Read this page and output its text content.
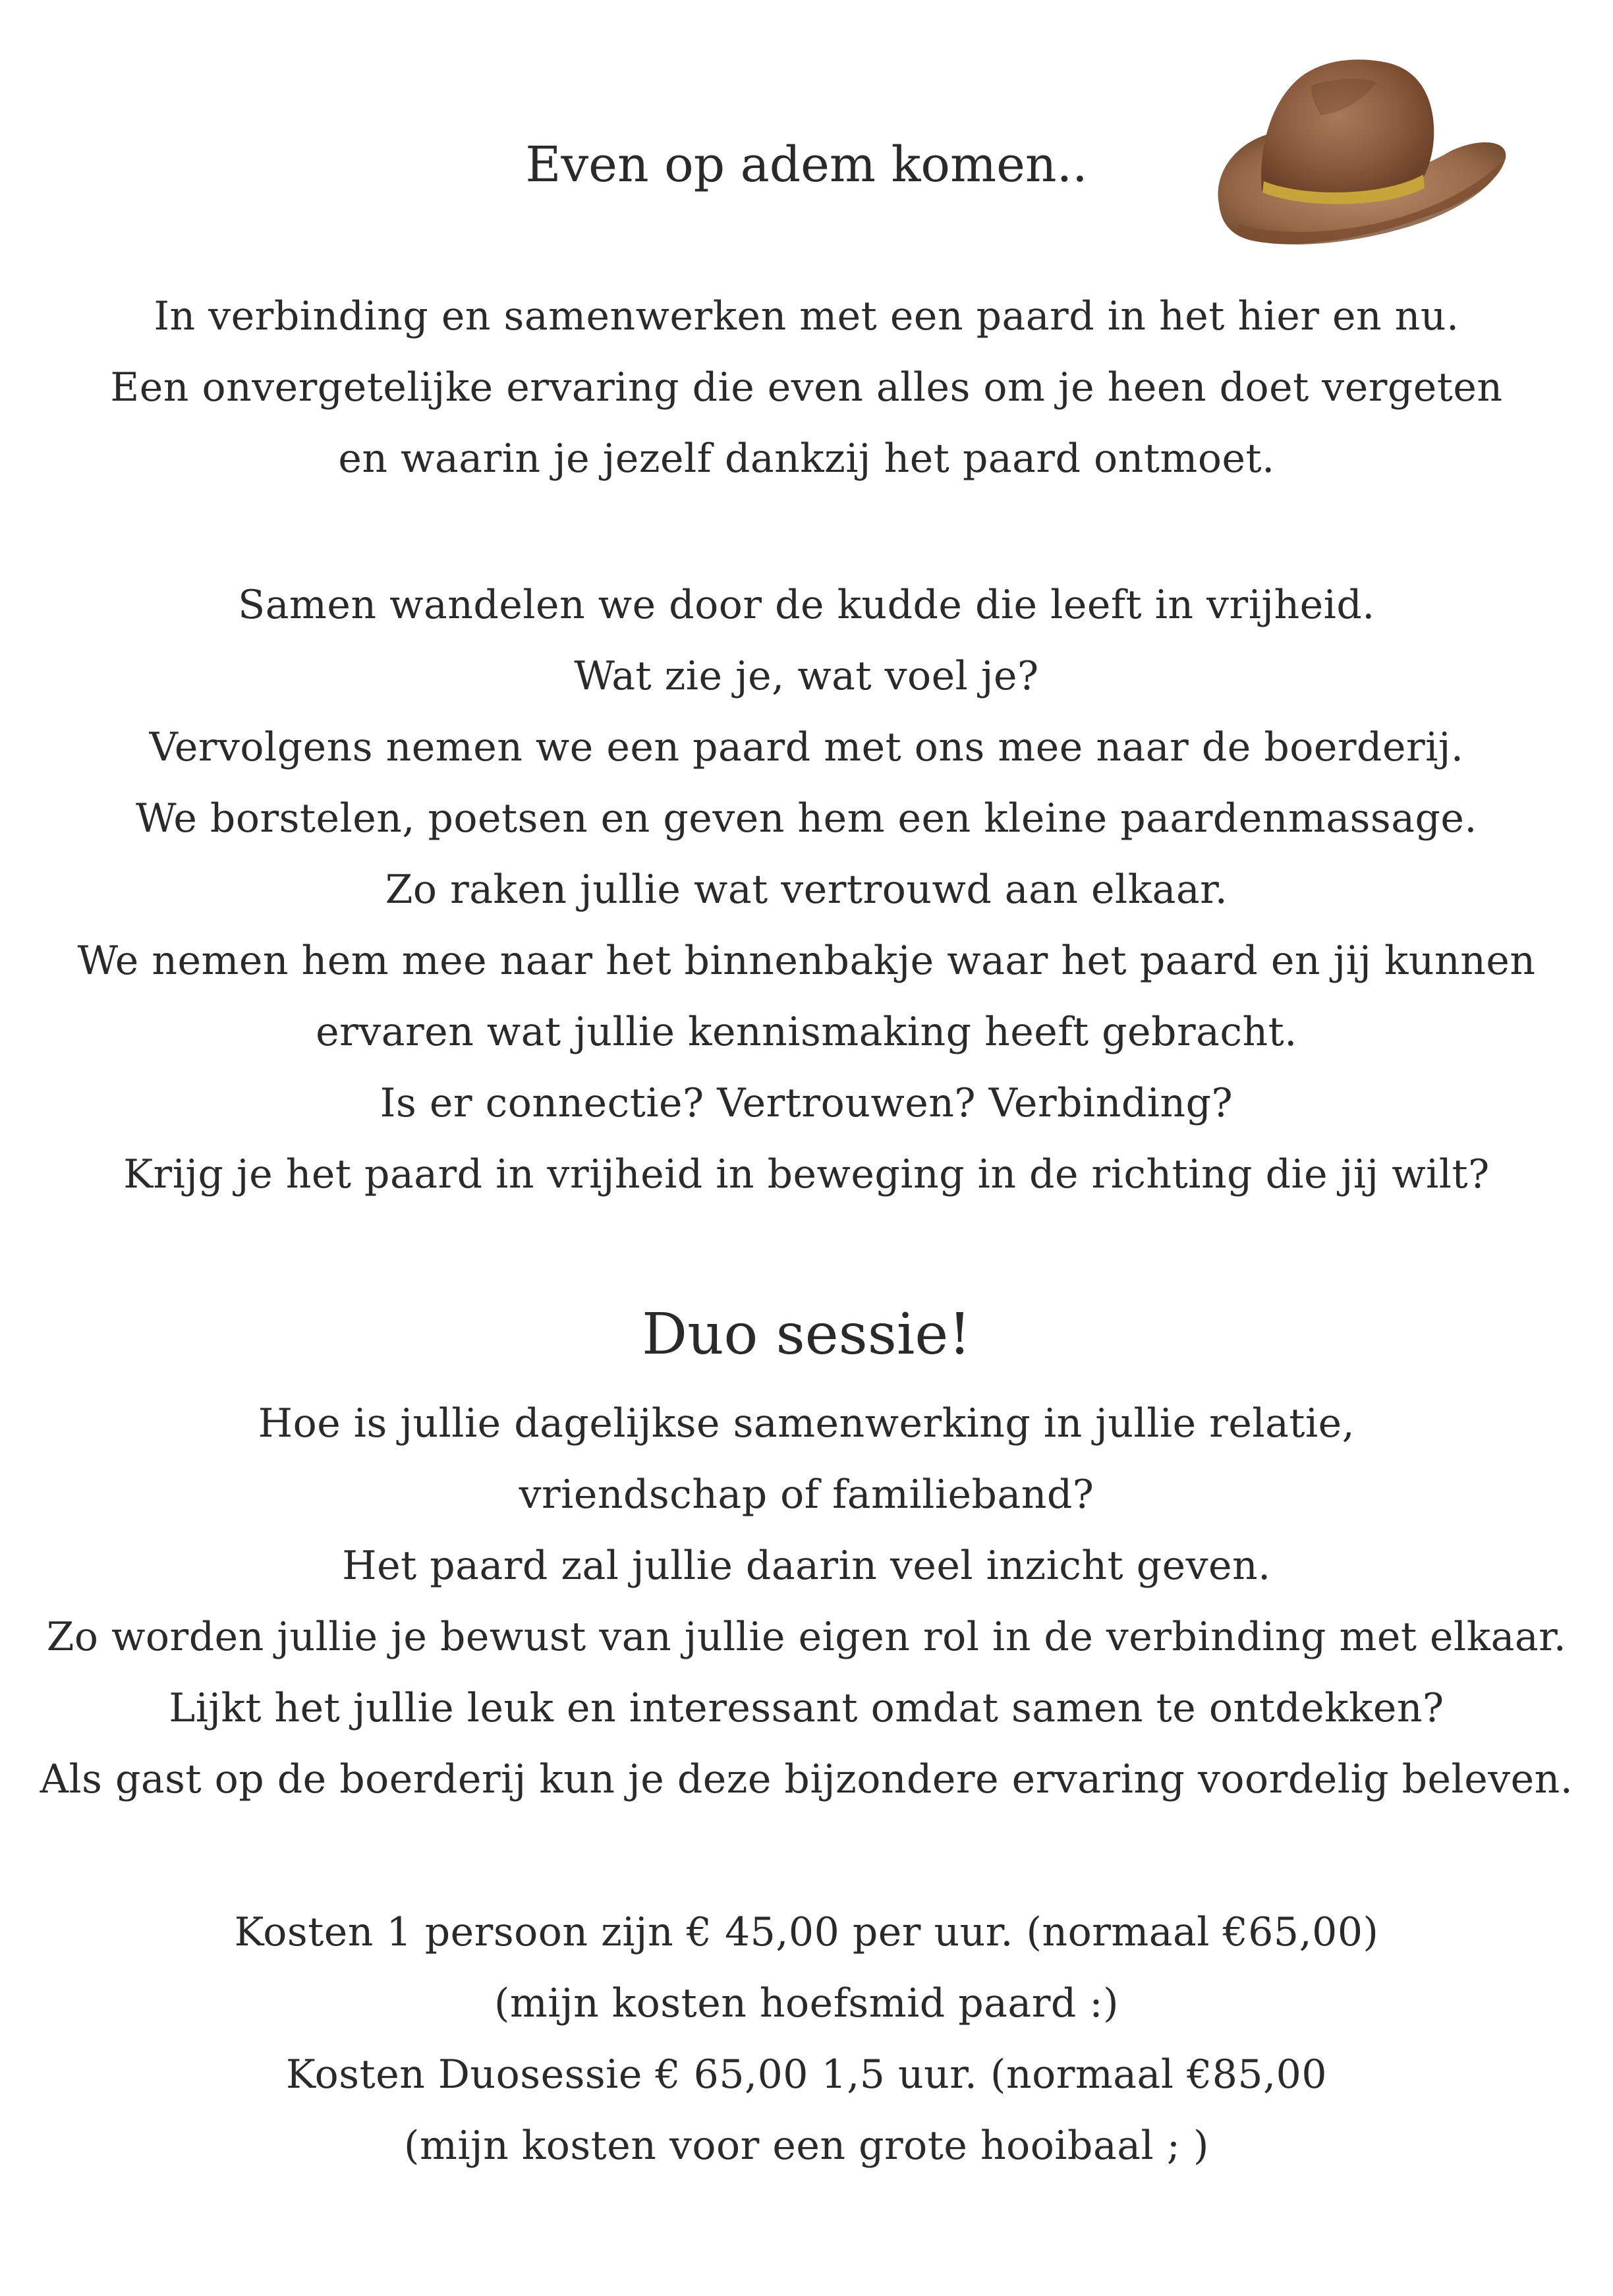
Even op adem komen..
In verbinding en samenwerken met een paard in het hier en nu.
Een onvergetelijke ervaring die even alles om je heen doet vergeten
en waarin je jezelf dankzij het paard ontmoet.
Samen wandelen we door de kudde die leeft in vrijheid.
Wat zie je, wat voel je?
Vervolgens nemen we een paard met ons mee naar de boerderij.
We borstelen, poetsen en geven hem een kleine paardenmassage.
Zo raken jullie wat vertrouwd aan elkaar.
We nemen hem mee naar het binnenbakje waar het paard en jij kunnen
ervaren wat jullie kennismaking heeft gebracht.
Is er connectie? Vertrouwen? Verbinding?
Krijg je het paard in vrijheid in beweging in de richting die jij wilt?
Duo sessie!
Hoe is jullie dagelijkse samenwerking in jullie relatie,
vriendschap of familieband?
Het paard zal jullie daarin veel inzicht geven.
Zo worden jullie je bewust van jullie eigen rol in de verbinding met elkaar.
Lijkt het jullie leuk en interessant omdat samen te ontdekken?
Als gast op de boerderij kun je deze bijzondere ervaring voordelig beleven.
Kosten 1 persoon zijn € 45,00 per uur. (normaal €65,00)
(mijn kosten hoefsmid paard :)
Kosten Duosessie € 65,00 1,5 uur. (normaal €85,00
(mijn kosten voor een grote hooibaal ; )
